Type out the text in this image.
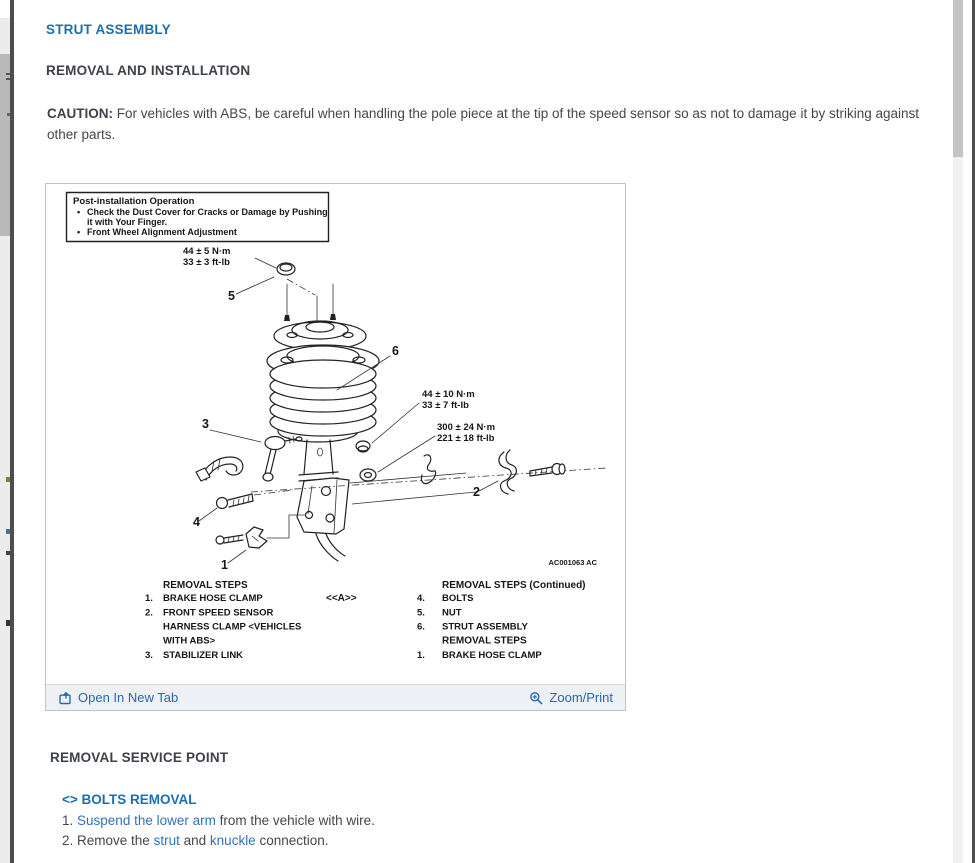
STRUT ASSEMBLY
REMOVAL AND INSTALLATION
CAUTION: For vehicles with ABS, be careful when handling the pole piece at the tip of the speed sensor so as not to damage it by striking against other parts.
Post-installation Operation
• Check the Dust Cover for Cracks or Damage by Pushing
it with Your Finger.
• Front Wheel Alignment Adjustment
44 ± 5 N·m
33 ± 3 ft-lb
5
6
3
4
1
44 ± 10 N·m
33 ± 7 ft-lb
300 ± 24 N·m
221 ± 18 ft-lb
2
AC001063 AC
REMOVAL STEPS
1. BRAKE HOSE CLAMP
2. FRONT SPEED SENSOR
HARNESS CLAMP <VEHICLES
WITH ABS>
3. STABILIZER LINK
<<A>>
REMOVAL STEPS (Continued)
4. BOLTS
5. NUT
6. STRUT ASSEMBLY
REMOVAL STEPS
1. BRAKE HOSE CLAMP
Open In New Tab	Zoom/Print
REMOVAL SERVICE POINT
<> BOLTS REMOVAL
1. Suspend the lower arm from the vehicle with wire.
2. Remove the strut and knuckle connection.
